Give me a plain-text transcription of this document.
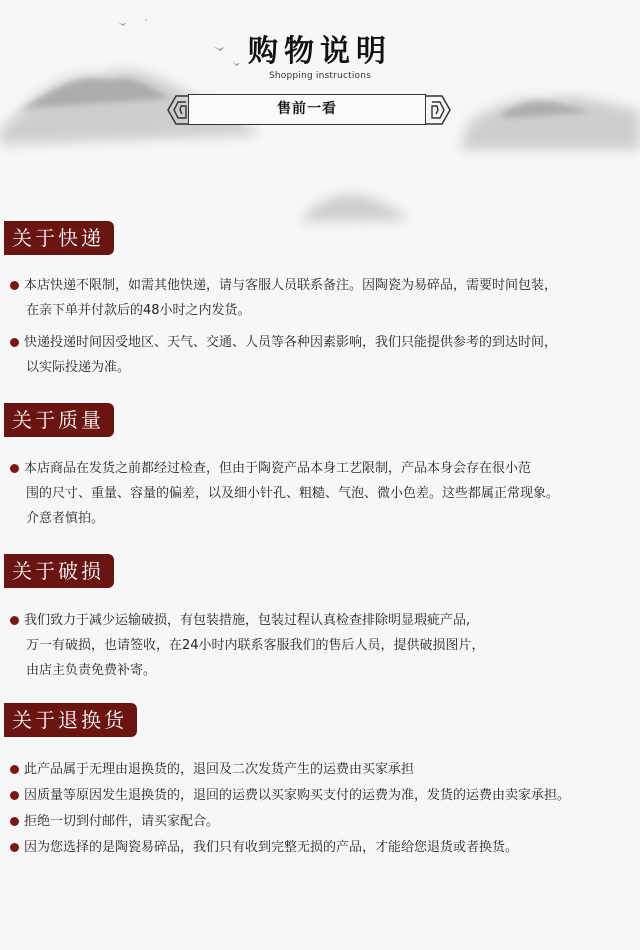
购物说明
Shopping instructions
售前一看
关于快递
本店快递不限制，如需其他快递，请与客服人员联系备注。因陶瓷为易碎品，需要时间包装，
在亲下单并付款后的48小时之内发货。
快递投递时间因受地区、天气、交通、人员等各种因素影响，我们只能提供参考的到达时间，
以实际投递为准。
关于质量
本店商品在发货之前都经过检查，但由于陶瓷产品本身工艺限制，产品本身会存在很小范
围的尺寸、重量、容量的偏差，以及细小针孔、粗糙、气泡、微小色差。这些都属正常现象。
介意者慎拍。
关于破损
我们致力于减少运输破损，有包装措施，包装过程认真检查排除明显瑕疵产品,
万一有破损，也请签收，在24小时内联系客服我们的售后人员，提供破损图片，
由店主负责免费补寄。
关于退换货
此产品属于无理由退换货的，退回及二次发货产生的运费由买家承担
因质量等原因发生退换货的，退回的运费以买家购买支付的运费为准，发货的运费由卖家承担。
拒绝一切到付邮件，请买家配合。
因为您选择的是陶瓷易碎品，我们只有收到完整无损的产品，才能给您退货或者换货。
